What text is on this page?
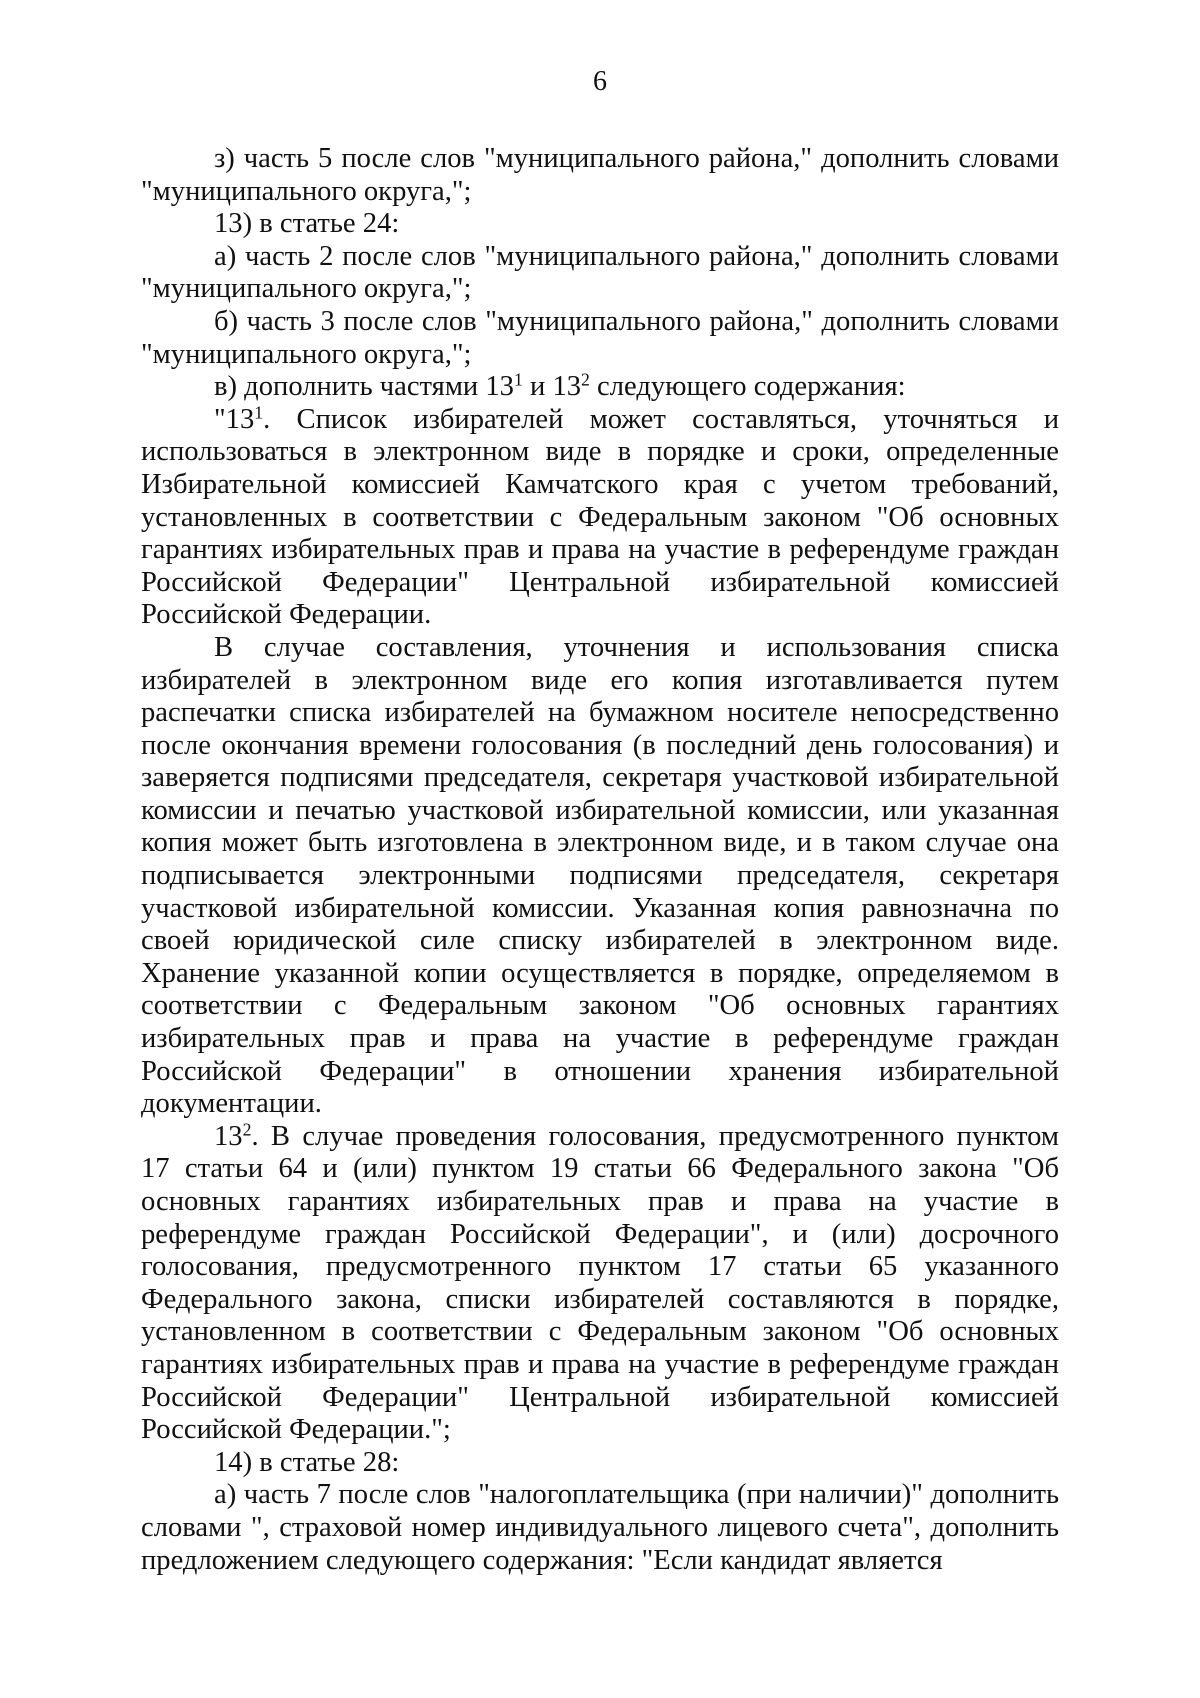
6

з) часть 5 после слов "муниципального района," дополнить словами "муниципального округа,";

13) в статье 24:

а) часть 2 после слов "муниципального района," дополнить словами "муниципального округа,";

б) часть 3 после слов "муниципального района," дополнить словами "муниципального округа,";

в) дополнить частями $13^1$ и $13^2$ следующего содержания:

"$13^1$. Список избирателей может составляться, уточняться и использоваться в электронном виде в порядке и сроки, определенные Избирательной комиссией Камчатского края с учетом требований, установленных в соответствии с Федеральным законом "Об основных гарантиях избирательных прав и права на участие в референдуме граждан Российской Федерации" Центральной избирательной комиссией Российской Федерации.

В случае составления, уточнения и использования списка избирателей в электронном виде его копия изготавливается путем распечатки списка избирателей на бумажном носителе непосредственно после окончания времени голосования (в последний день голосования) и заверяется подписями председателя, секретаря участковой избирательной комиссии и печатью участковой избирательной комиссии, или указанная копия может быть изготовлена в электронном виде, и в таком случае она подписывается электронными подписями председателя, секретаря участковой избирательной комиссии. Указанная копия равнозначна по своей юридической силе списку избирателей в электронном виде. Хранение указанной копии осуществляется в порядке, определяемом в соответствии с Федеральным законом "Об основных гарантиях избирательных прав и права на участие в референдуме граждан Российской Федерации" в отношении хранения избирательной документации.

$13^2$. В случае проведения голосования, предусмотренного пунктом 17 статьи 64 и (или) пунктом 19 статьи 66 Федерального закона "Об основных гарантиях избирательных прав и права на участие в референдуме граждан Российской Федерации", и (или) досрочного голосования, предусмотренного пунктом 17 статьи 65 указанного Федерального закона, списки избирателей составляются в порядке, установленном в соответствии с Федеральным законом "Об основных гарантиях избирательных прав и права на участие в референдуме граждан Российской Федерации" Центральной избирательной комиссией Российской Федерации.";

14) в статье 28:

а) часть 7 после слов "налогоплательщика (при наличии)" дополнить словами ", страховой номер индивидуального лицевого счета", дополнить предложением следующего содержания: "Если кандидат является
